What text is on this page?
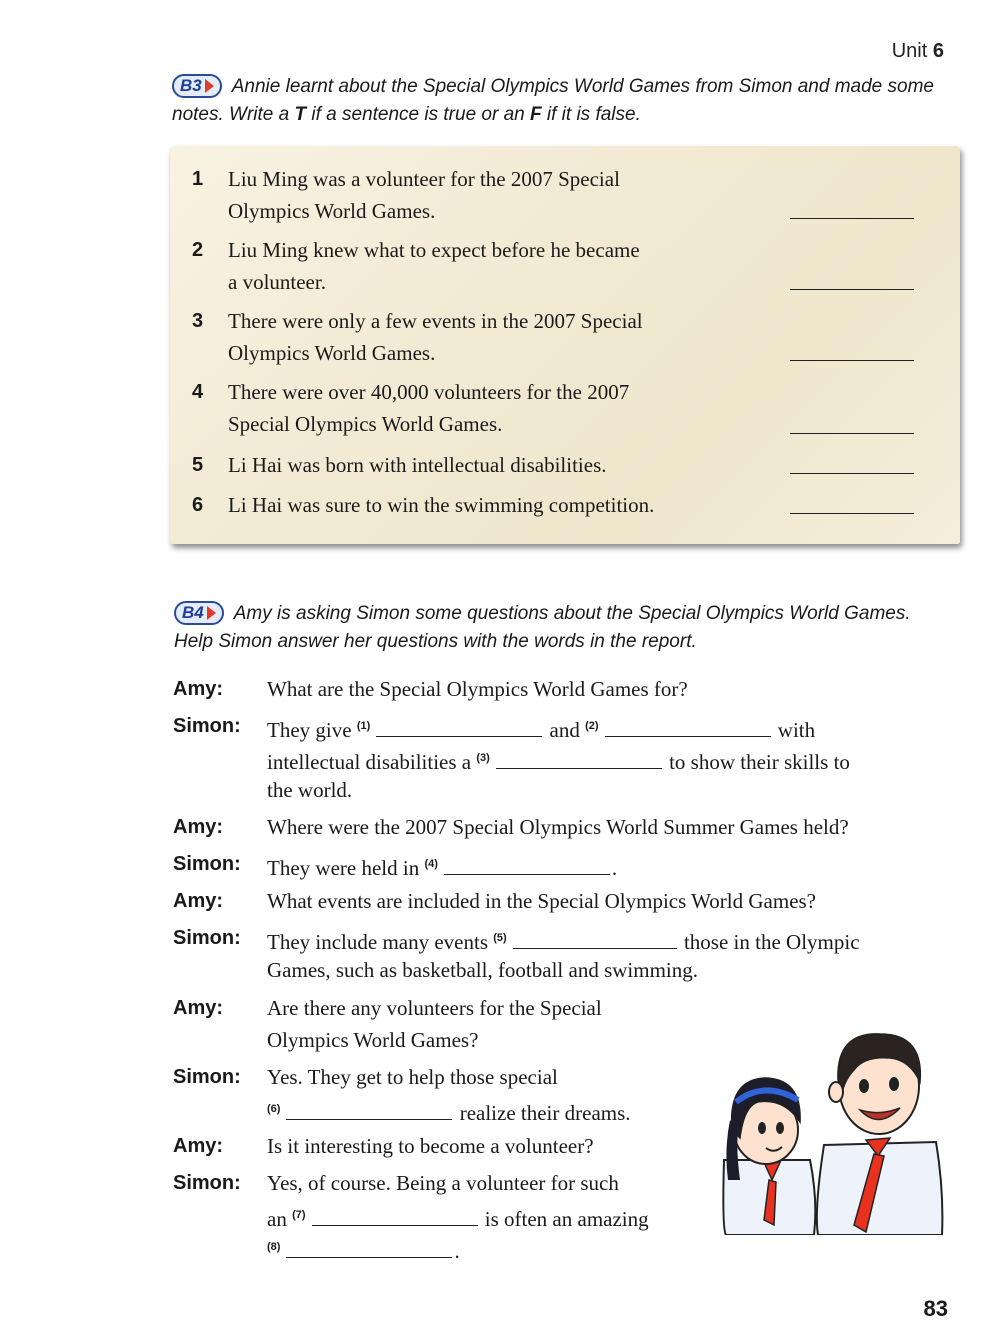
Unit 6
B3 Annie learnt about the Special Olympics World Games from Simon and made some notes. Write a T if a sentence is true or an F if it is false.
1 Liu Ming was a volunteer for the 2007 Special
Olympics World Games.
2 Liu Ming knew what to expect before he became
a volunteer.
3 There were only a few events in the 2007 Special
Olympics World Games.
4 There were over 40,000 volunteers for the 2007
Special Olympics World Games.
5 Li Hai was born with intellectual disabilities.
6 Li Hai was sure to win the swimming competition.
B4 Amy is asking Simon some questions about the Special Olympics World Games. Help Simon answer her questions with the words in the report.
Amy: What are the Special Olympics World Games for?
Simon: They give $^{(1)}$	and $^{(2)}$	with
intellectual disabilities a $^{(3)}$	to show their skills to
the world.
Amy: Where were the 2007 Special Olympics World Summer Games held?
Simon: They were held in $^{(4)}$	.
Amy: What events are included in the Special Olympics World Games?
Simon: They include many events $^{(5)}$	those in the Olympic
Games, such as basketball, football and swimming.
Amy: Are there any volunteers for the Special
Olympics World Games?
Simon: Yes. They get to help those special
$^{(6)}$	realize their dreams.
Amy: Is it interesting to become a volunteer?
Simon: Yes, of course. Being a volunteer for such
an $^{(7)}$	is often an amazing
$^{(8)}$	.
83
